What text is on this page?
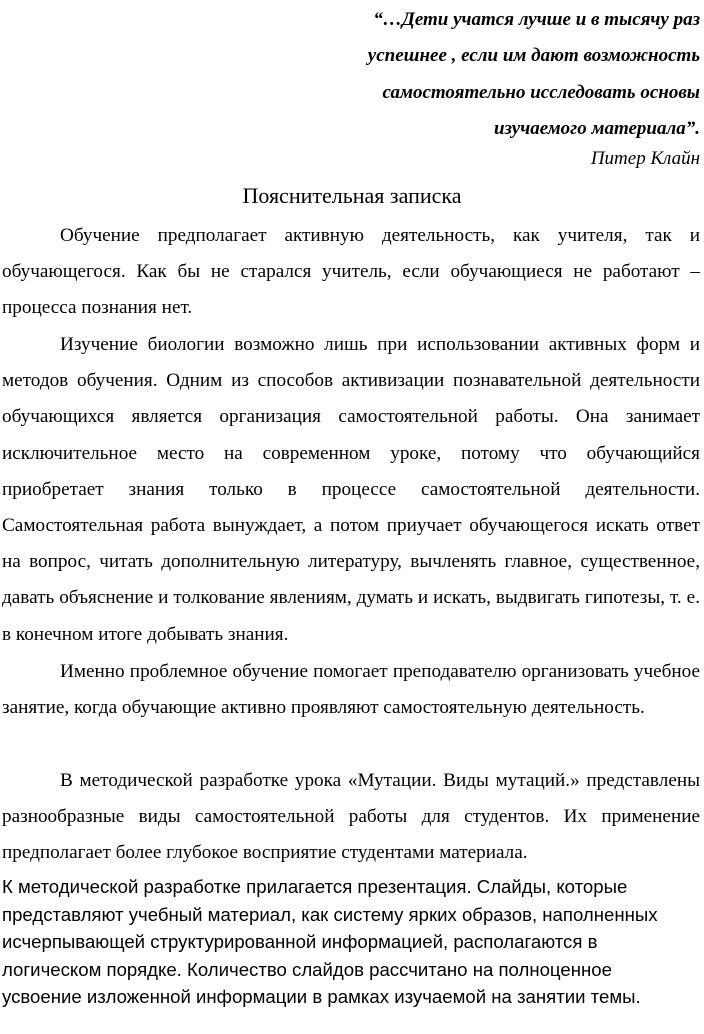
“…Дети учатся лучше и в тысячу раз
успешнее , если им дают возможность
самостоятельно исследовать основы
изучаемого материала”.
Питер Клайн
Пояснительная записка

Обучение предполагает активную деятельность, как учителя, так и обучающегося. Как бы не старался учитель, если обучающиеся не работают – процесса познания нет.

Изучение биологии возможно лишь при использовании активных форм и методов обучения. Одним из способов активизации познавательной деятельности обучающихся является организация самостоятельной работы. Она занимает исключительное место на современном уроке, потому что обучающийся приобретает знания только в процессе самостоятельной деятельности. Самостоятельная работа вынуждает, а потом приучает обучающегося искать ответ на вопрос, читать дополнительную литературу, вычленять главное, существенное, давать объяснение и толкование явлениям, думать и искать, выдвигать гипотезы, т. е. в конечном итоге добывать знания.

Именно проблемное обучение помогает преподавателю организовать учебное занятие, когда обучающие активно проявляют самостоятельную деятельность.

В методической разработке урока «Мутации. Виды мутаций.» представлены разнообразные виды самостоятельной работы для студентов. Их применение предполагает более глубокое восприятие студентами материала.

К методической разработке прилагается презентация. Слайды, которые представляют учебный материал, как систему ярких образов, наполненных исчерпывающей структурированной информацией, располагаются в логическом порядке. Количество слайдов рассчитано на полноценное усвоение изложенной информации в рамках изучаемой на занятии темы.
